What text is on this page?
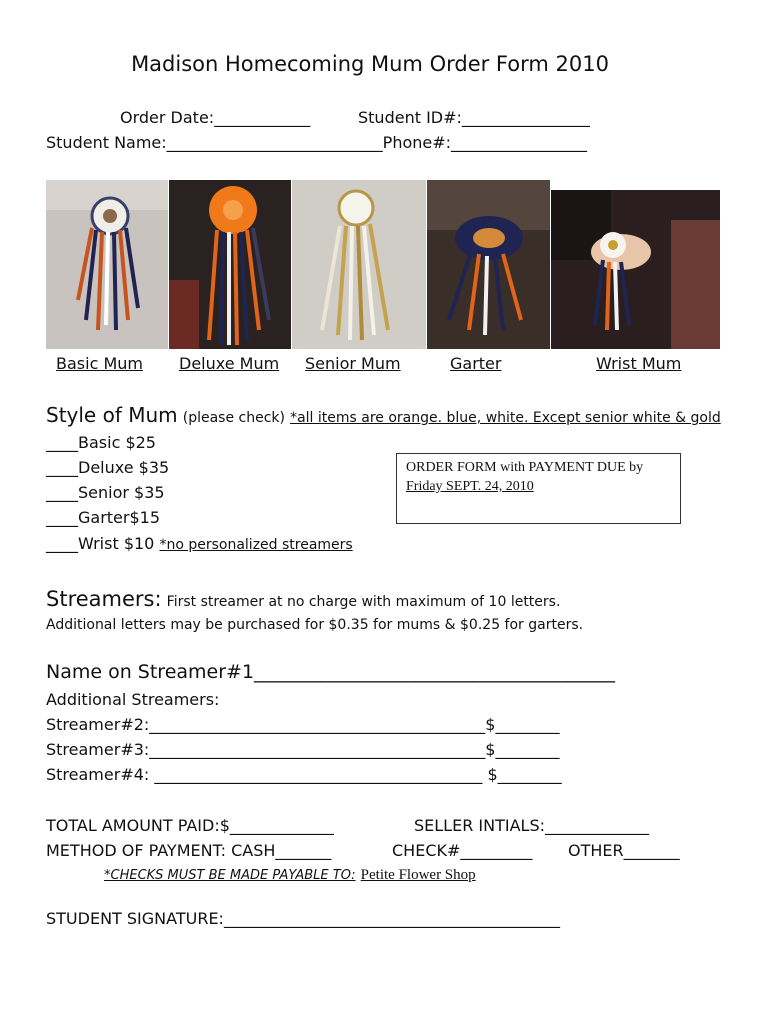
Madison Homecoming Mum Order Form 2010
Order Date:____________	Student ID#:________________
Student Name:___________________________Phone#:_________________
Basic Mum Deluxe Mum Senior Mum	Garter	Wrist Mum
Style of Mum (please check) *all items are orange. blue, white. Except senior white & gold
____Basic $25
____Deluxe $35
____Senior $35
____Garter$15
____Wrist $10 *no personalized streamers
ORDER FORM with PAYMENT DUE by
Friday SEPT. 24, 2010
Streamers: First streamer at no charge with maximum of 10 letters.
Additional letters may be purchased for $0.35 for mums & $0.25 for garters.
Name on Streamer#1______________________________________
Additional Streamers:
Streamer#2:__________________________________________$________
Streamer#3:__________________________________________$________
Streamer#4: _________________________________________ $________
TOTAL AMOUNT PAID:$_____________	SELLER INTIALS:_____________
METHOD OF PAYMENT: CASH_______	CHECK#_________ OTHER_______
*CHECKS MUST BE MADE PAYABLE TO: Petite Flower Shop
STUDENT SIGNATURE:__________________________________________
